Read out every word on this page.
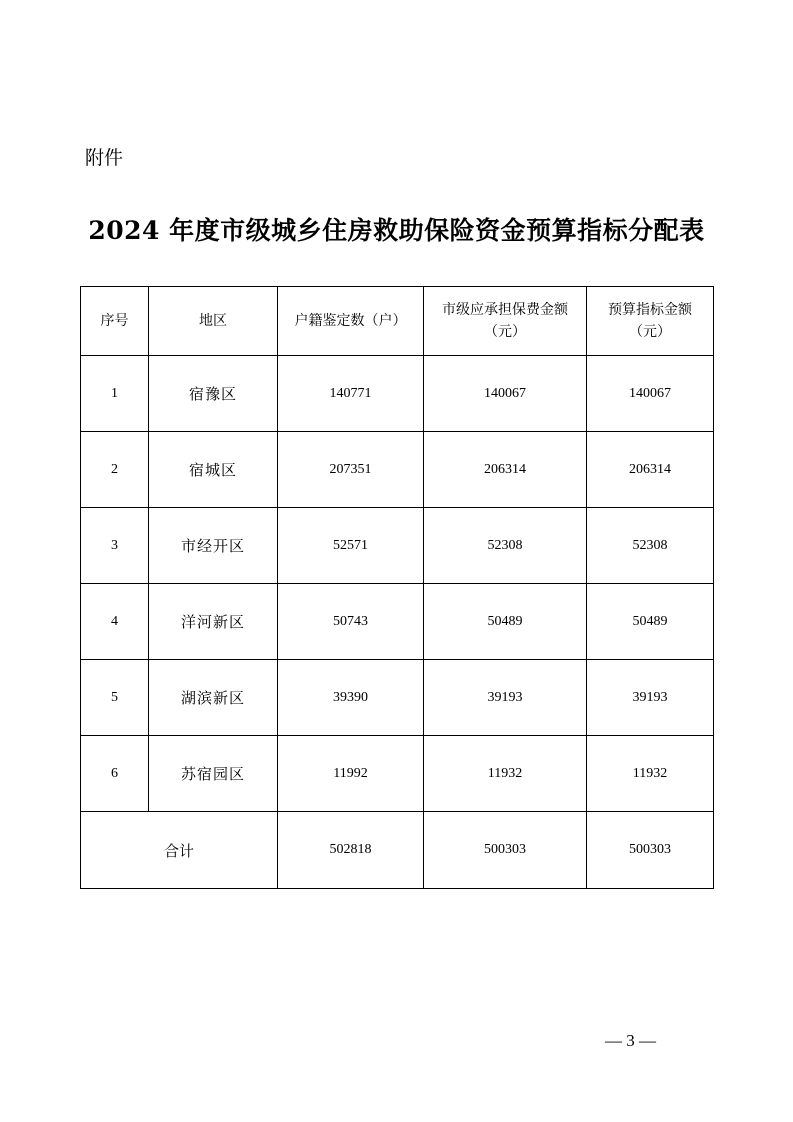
附件
2024 年度市级城乡住房救助保险资金预算指标分配表
序号	地区	户籍鉴定数（户）	市级应承担保费金额（元）	预算指标金额（元）
1	宿豫区	140771	140067	140067
2	宿城区	207351	206314	206314
3	市经开区	52571	52308	52308
4	洋河新区	50743	50489	50489
5	湖滨新区	39390	39193	39193
6	苏宿园区	11992	11932	11932
合计		502818	500303	500303
— 3 —
